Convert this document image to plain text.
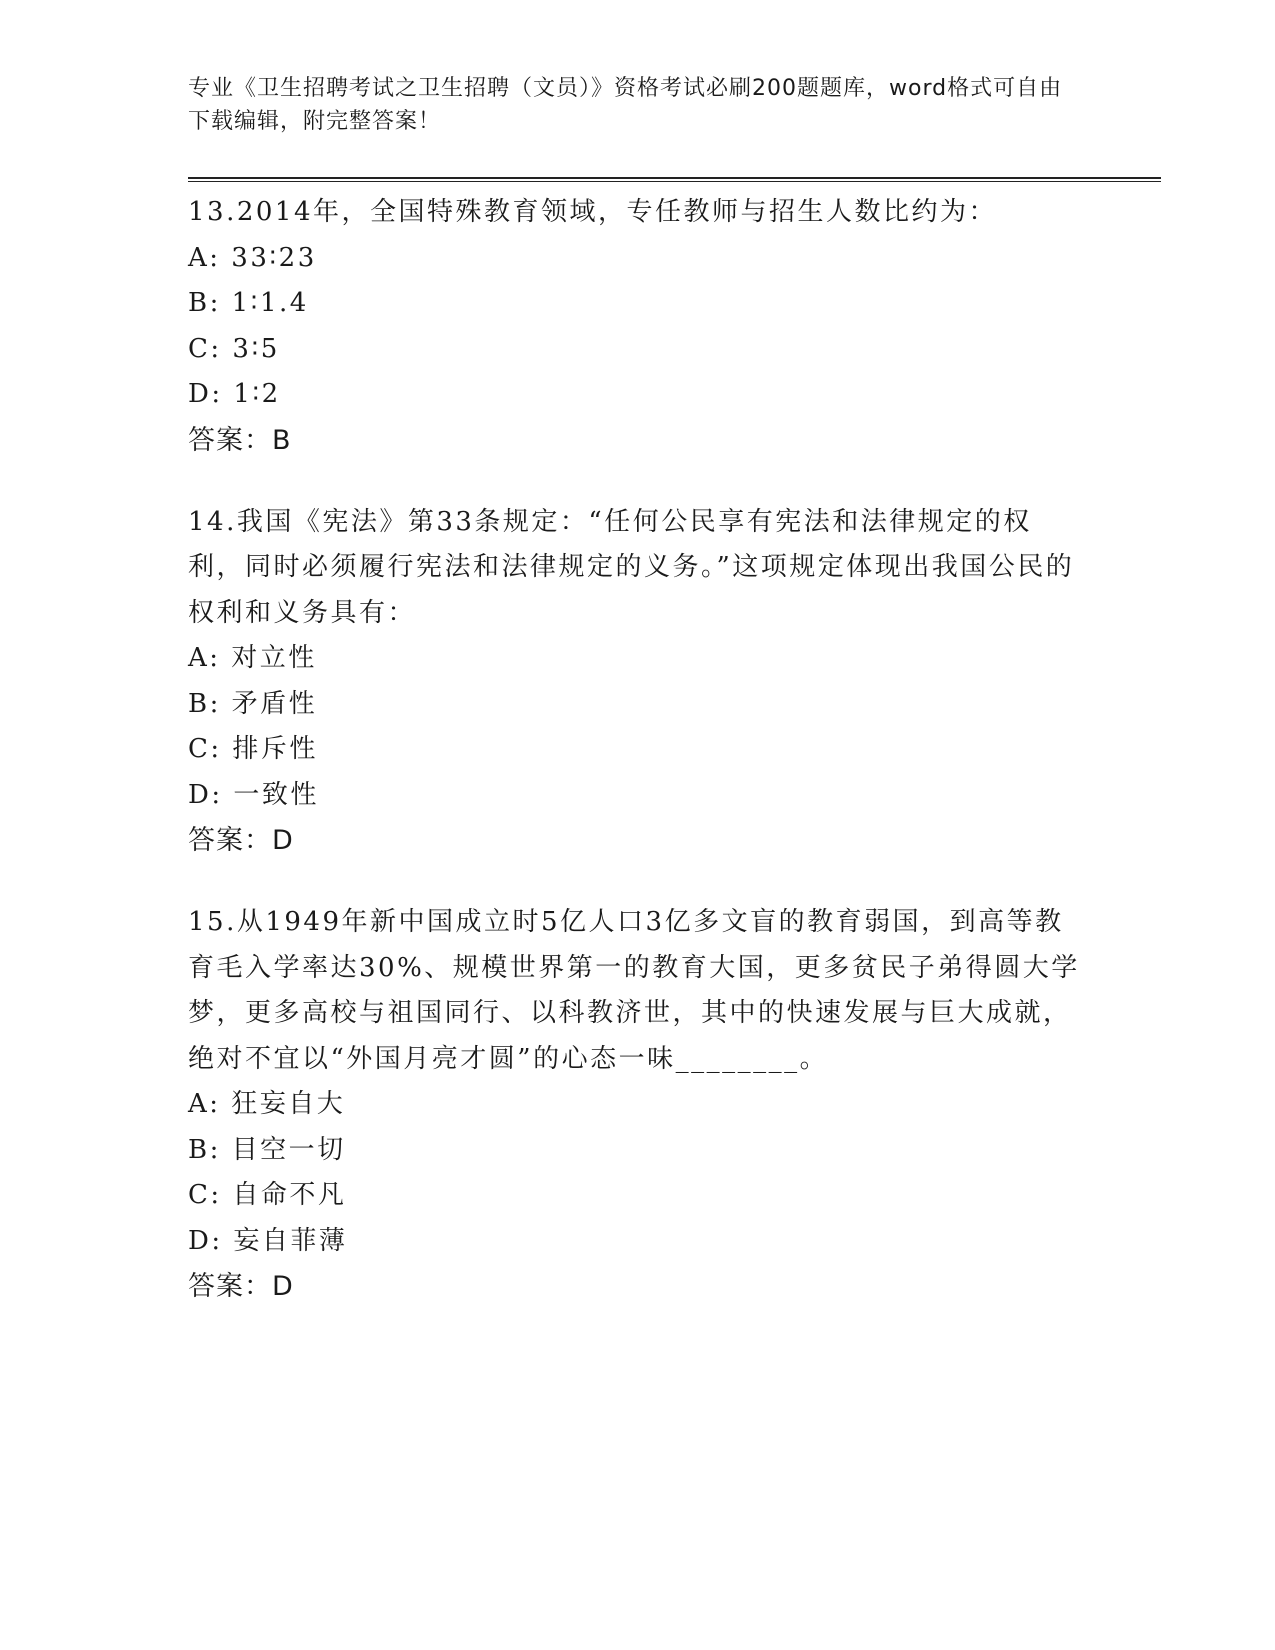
专业《卫生招聘考试之卫生招聘（文员）》资格考试必刷200题题库，word格式可自由下载编辑，附完整答案！

13.2014年，全国特殊教育领域，专任教师与招生人数比约为：

A: 33∶23

B: 1∶1.4

C: 3∶5

D: 1∶2

答案：B

14.我国《宪法》第33条规定：“任何公民享有宪法和法律规定的权利，同时必须履行宪法和法律规定的义务。”这项规定体现出我国公民的权利和义务具有：

A: 对立性

B: 矛盾性

C: 排斥性

D: 一致性

答案：D

15.从1949年新中国成立时5亿人口3亿多文盲的教育弱国，到高等教育毛入学率达30%、规模世界第一的教育大国，更多贫民子弟得圆大学梦，更多高校与祖国同行、以科教济世，其中的快速发展与巨大成就，绝对不宜以“外国月亮才圆”的心态一味________。

A: 狂妄自大

B: 目空一切

C: 自命不凡

D: 妄自菲薄

答案：D
